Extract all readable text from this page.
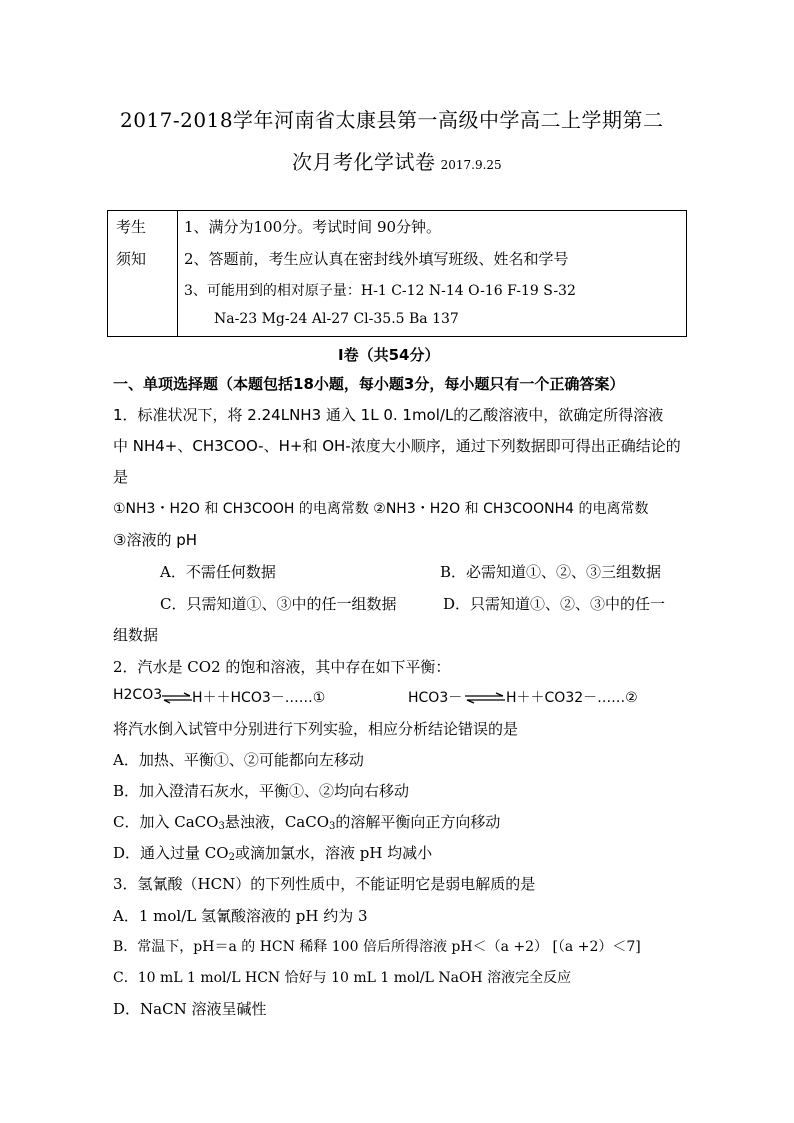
2017-2018学年河南省太康县第一高级中学高二上学期第二
次月考化学试卷 2017.9.25
考生
须知
1、满分为100分。考试时间 90分钟。
2、答题前，考生应认真在密封线外填写班级、姓名和学号
3、可能用到的相对原子量：H-1 C-12 N-14 O-16 F-19 S-32
Na-23 Mg-24 Al-27 Cl-35.5 Ba 137
I卷（共54分）
一、单项选择题（本题包括18小题，每小题3分，每小题只有一个正确答案）
1．标准状况下，将 2.24LNH3 通入 1L 0. 1mol/L的乙酸溶液中，欲确定所得溶液
中 NH4+、CH3COO-、H+和 OH-浓度大小顺序，通过下列数据即可得出正确结论的
是
①NH3・H2O 和 CH3COOH 的电离常数 ②NH3・H2O 和 CH3COONH4 的电离常数
③溶液的 pH
A．不需任何数据	B．必需知道①、②、③三组数据
C．只需知道①、③中的任一组数据	D．只需知道①、②、③中的任一
组数据
2．汽水是 CO2 的饱和溶液，其中存在如下平衡：
H2CO3 ⇌ H＋＋HCO3－……①	HCO3－ ⇌ H＋＋CO32－……②
将汽水倒入试管中分别进行下列实验，相应分析结论错误的是
A．加热、平衡①、②可能都向左移动
B．加入澄清石灰水，平衡①、②均向右移动
C．加入 CaCO$_3$悬浊液，CaCO$_3$的溶解平衡向正方向移动
D．通入过量 $CO_2$或滴加氯水，溶液 pH 均减小
3．氢氰酸（HCN）的下列性质中，不能证明它是弱电解质的是
A．1 mol/L 氢氰酸溶液的 pH 约为 3
B．常温下，pH＝a 的 HCN 稀释 100 倍后所得溶液 pH＜（a +2） [（a +2）＜7]
C．10 mL 1 mol/L HCN 恰好与 10 mL 1 mol/L NaOH 溶液完全反应
D．NaCN 溶液呈碱性
